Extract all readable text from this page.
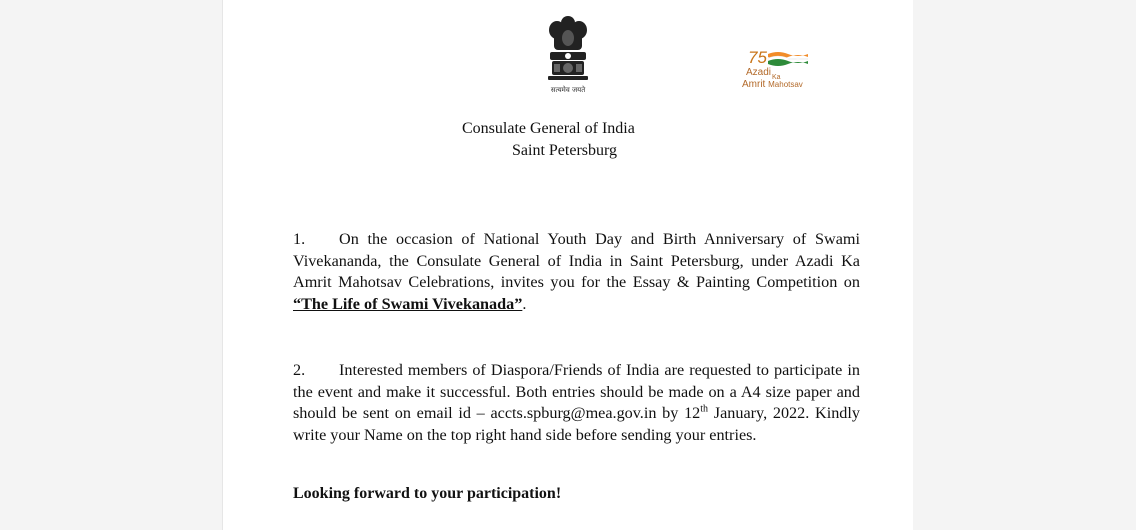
सत्यमेव जयते
75
Azadi$_{Ka}$
Amrit Mahotsav
Consulate General of India
Saint Petersburg
1. On the occasion of National Youth Day and Birth Anniversary of Swami Vivekananda, the Consulate General of India in Saint Petersburg, under Azadi Ka Amrit Mahotsav Celebrations, invites you for the Essay & Painting Competition on “The Life of Swami Vivekanada”.
2. Interested members of Diaspora/Friends of India are requested to participate in the event and make it successful. Both entries should be made on a A4 size paper and should be sent on email id – accts.spburg@mea.gov.in by 12th January, 2022. Kindly write your Name on the top right hand side before sending your entries.
Looking forward to your participation!
